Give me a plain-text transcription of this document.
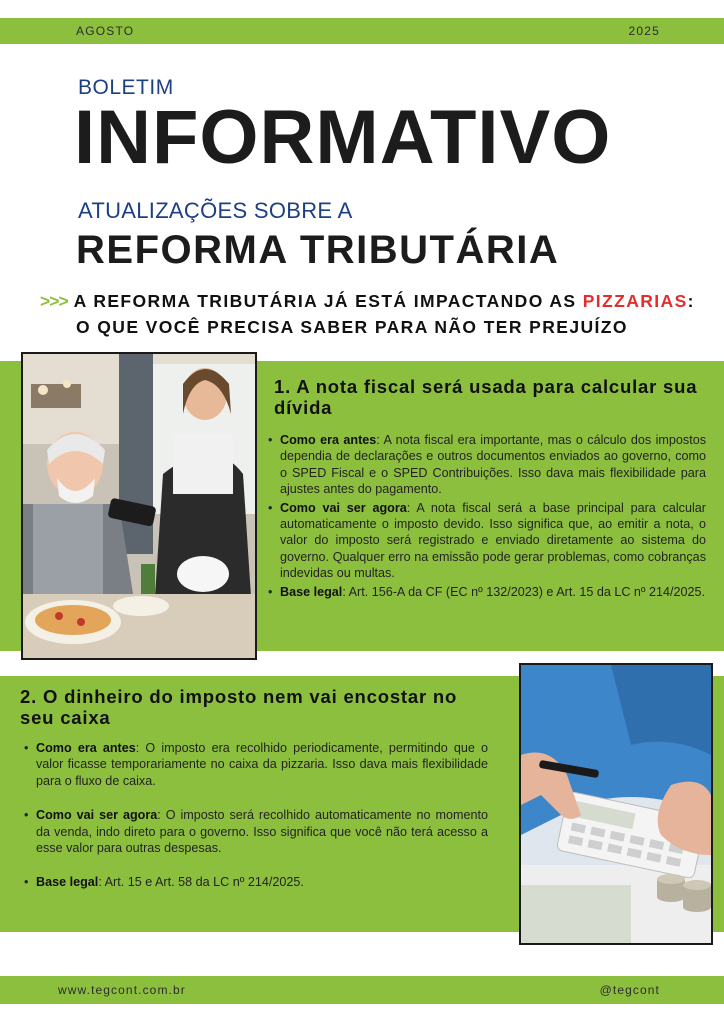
AGOSTO	2025
BOLETIM
INFORMATIVO
ATUALIZAÇÕES SOBRE A
REFORMA TRIBUTÁRIA
>>> A REFORMA TRIBUTÁRIA JÁ ESTÁ IMPACTANDO AS PIZZARIAS:
O QUE VOCÊ PRECISA SABER PARA NÃO TER PREJUÍZO
1. A nota fiscal será usada para calcular sua dívida
• Como era antes: A nota fiscal era importante, mas o cálculo dos impostos dependia de declarações e outros documentos enviados ao governo, como o SPED Fiscal e o SPED Contribuições. Isso dava mais flexibilidade para ajustes antes do pagamento.
• Como vai ser agora: A nota fiscal será a base principal para calcular automaticamente o imposto devido. Isso significa que, ao emitir a nota, o valor do imposto será registrado e enviado diretamente ao sistema do governo. Qualquer erro na emissão pode gerar problemas, como cobranças indevidas ou multas.
• Base legal: Art. 156-A da CF (EC nº 132/2023) e Art. 15 da LC nº 214/2025.
2. O dinheiro do imposto nem vai encostar no seu caixa
• Como era antes: O imposto era recolhido periodicamente, permitindo que o valor ficasse temporariamente no caixa da pizzaria. Isso dava mais flexibilidade para o fluxo de caixa.
• Como vai ser agora: O imposto será recolhido automaticamente no momento da venda, indo direto para o governo. Isso significa que você não terá acesso a esse valor para outras despesas.
• Base legal: Art. 15 e Art. 58 da LC nº 214/2025.
www.tegcont.com.br	@tegcont
